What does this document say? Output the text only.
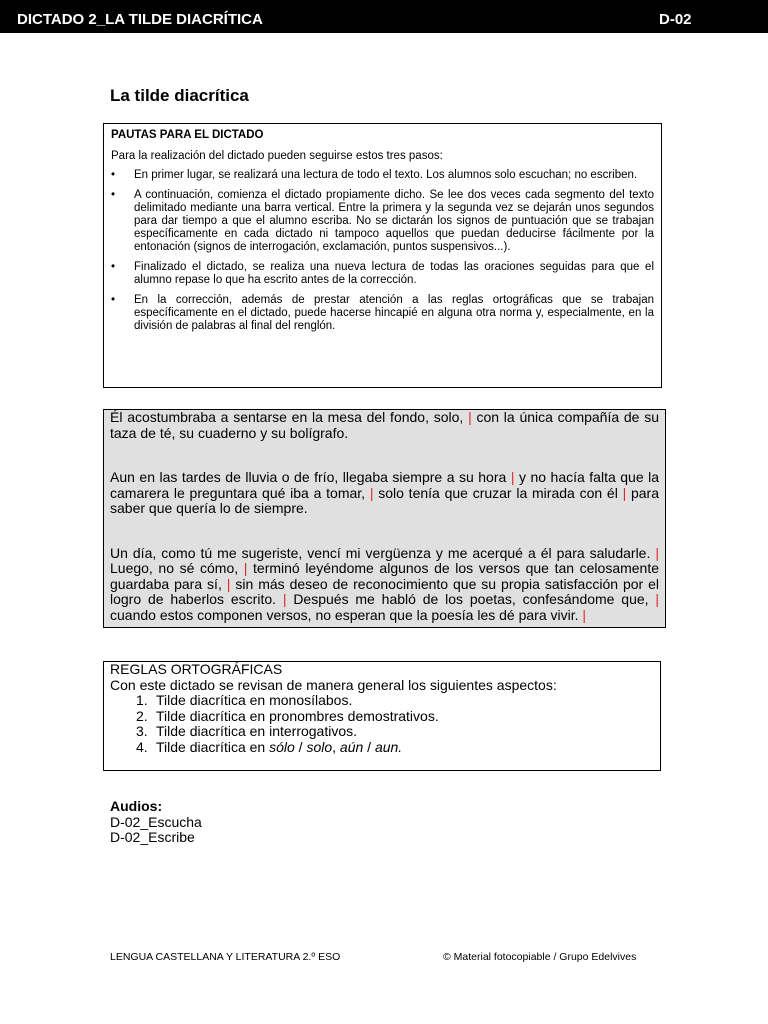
DICTADO 2_LA TILDE DIACRÍTICA	D-02
La tilde diacrítica
PAUTAS PARA EL DICTADO
Para la realización del dictado pueden seguirse estos tres pasos:
• En primer lugar, se realizará una lectura de todo el texto. Los alumnos solo escuchan; no escriben.
• A continuación, comienza el dictado propiamente dicho. Se lee dos veces cada segmento del texto delimitado mediante una barra vertical. Entre la primera y la segunda vez se dejarán unos segundos para dar tiempo a que el alumno escriba. No se dictarán los signos de puntuación que se trabajan específicamente en cada dictado ni tampoco aquellos que puedan deducirse fácilmente por la entonación (signos de interrogación, exclamación, puntos suspensivos...).
• Finalizado el dictado, se realiza una nueva lectura de todas las oraciones seguidas para que el alumno repase lo que ha escrito antes de la corrección.
• En la corrección, además de prestar atención a las reglas ortográficas que se trabajan específicamente en el dictado, puede hacerse hincapié en alguna otra norma y, especialmente, en la división de palabras al final del renglón.

Él acostumbraba a sentarse en la mesa del fondo, solo, | con la única compañía de su taza de té, su cuaderno y su bolígrafo.

Aun en las tardes de lluvia o de frío, llegaba siempre a su hora | y no hacía falta que la camarera le preguntara qué iba a tomar, | solo tenía que cruzar la mirada con él | para saber que quería lo de siempre.

Un día, como tú me sugeriste, vencí mi vergüenza y me acerqué a él para saludarle. | Luego, no sé cómo, | terminó leyéndome algunos de los versos que tan celosamente guardaba para sí, | sin más deseo de reconocimiento que su propia satisfacción por el logro de haberlos escrito. | Después me habló de los poetas, confesándome que, | cuando estos componen versos, no esperan que la poesía les dé para vivir. |

REGLAS ORTOGRÁFICAS
Con este dictado se revisan de manera general los siguientes aspectos:
1. Tilde diacrítica en monosílabos.
2. Tilde diacrítica en pronombres demostrativos.
3. Tilde diacrítica en interrogativos.
4. Tilde diacrítica en sólo / solo, aún / aun.
Audios:
D-02_Escucha
D-02_Escribe
LENGUA CASTELLANA Y LITERATURA 2.º ESO	© Material fotocopiable / Grupo Edelvives
